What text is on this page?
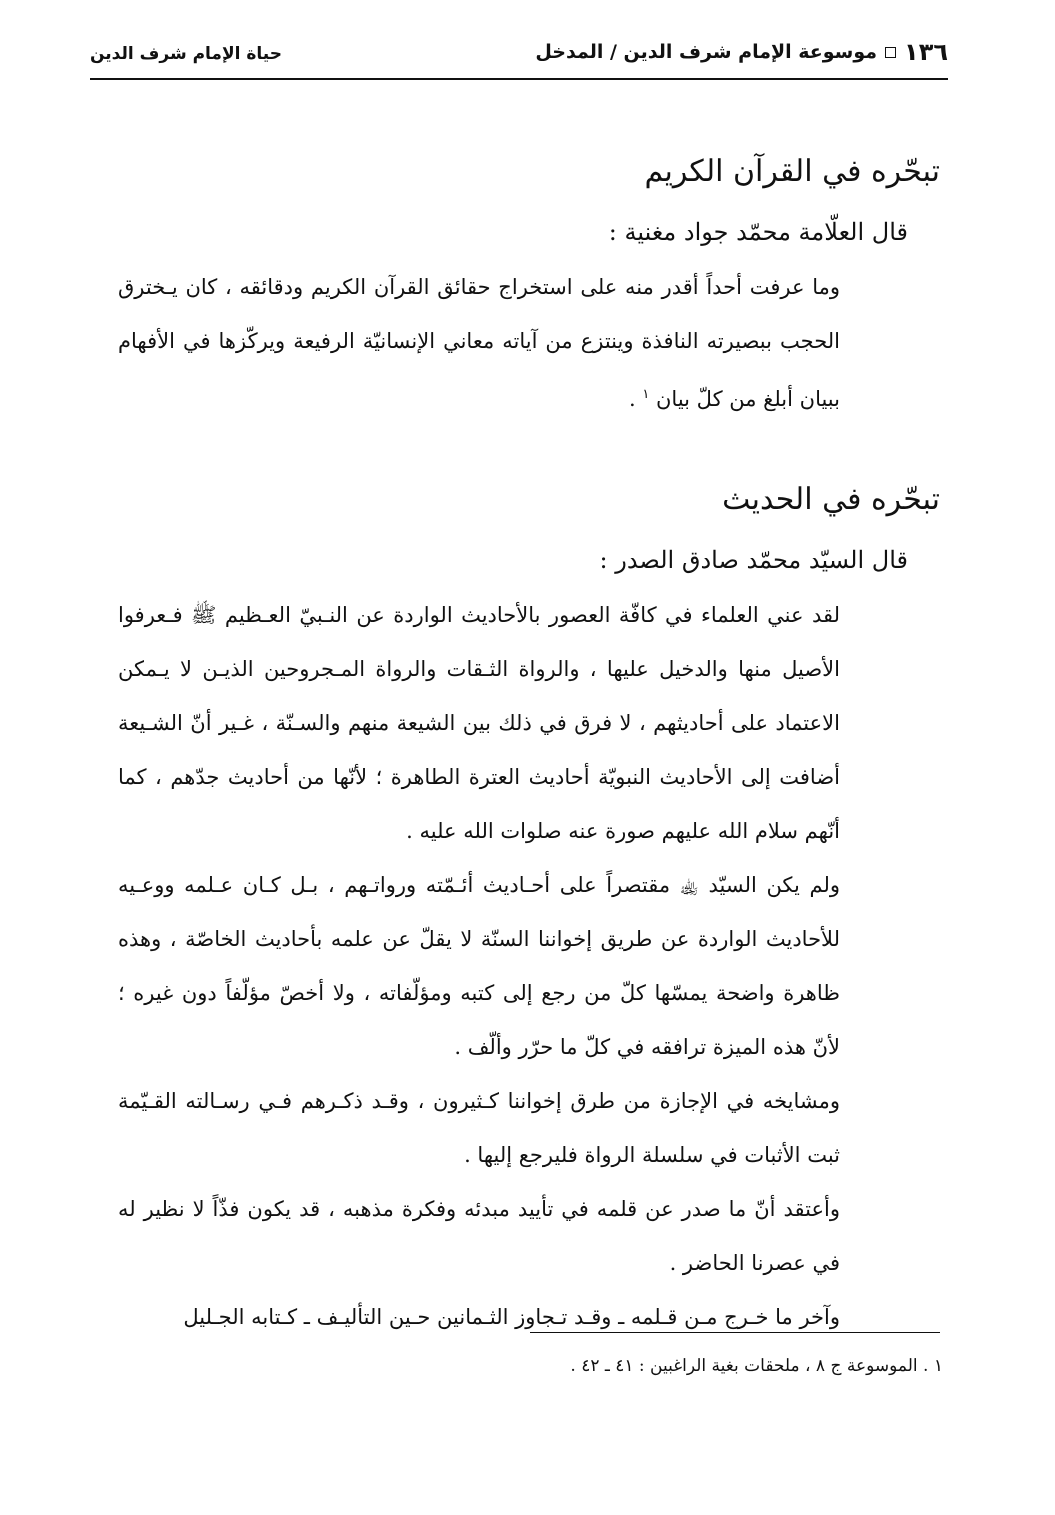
١٣٦
موسوعة الإمام شرف الدين / المدخل
حياة الإمام شرف الدين
تبحّره في القرآن الكريم
قال العلّامة محمّد جواد مغنية :

وما عرفت أحداً أقدر منه على استخراج حقائق القرآن الكريم ودقائقه ، كان يـخترق الحجب ببصيرته النافذة وينتزع من آياته معاني الإنسانيّة الرفيعة ويركّزها في الأفهام ببيان أبلغ من كلّ بيان $^١$ .

تبحّره في الحديث
قال السيّد محمّد صادق الصدر :

لقد عني العلماء في كافّة العصور بالأحاديث الواردة عن النـبيّ العـظيم ﷺ فـعرفوا الأصيل منها والدخيل عليها ، والرواة الثـقات والرواة المـجروحين الذيـن لا يـمكن الاعتماد على أحاديثهم ، لا فرق في ذلك بين الشيعة منهم والسـنّة ، غـير أنّ الشـيعة أضافت إلى الأحاديث النبويّة أحاديث العترة الطاهرة ؛ لأنّها من أحاديث جدّهم ، كما أنّهم سلام الله عليهم صورة عنه صلوات الله عليه .

ولم يكن السيّد ﵀ مقتصراً على أحـاديث أئـمّته ورواتـهم ، بـل كـان عـلمه ووعـيه للأحاديث الواردة عن طريق إخواننا السنّة لا يقلّ عن علمه بأحاديث الخاصّة ، وهذه ظاهرة واضحة يمسّها كلّ من رجع إلى كتبه ومؤلّفاته ، ولا أخصّ مؤلّفاً دون غيره ؛ لأنّ هذه الميزة ترافقه في كلّ ما حرّر وألّف .

ومشايخه في الإجازة من طرق إخواننا كـثيرون ، وقـد ذكـرهم فـي رسـالته القـيّمة ثبت الأثبات في سلسلة الرواة فليرجع إليها .

وأعتقد أنّ ما صدر عن قلمه في تأييد مبدئه وفكرة مذهبه ، قد يكون فذّاً لا نظير له في عصرنا الحاضر .

وآخر ما خـرج مـن قـلمه ـ وقـد تـجاوز الثـمانين حـين التأليـف ـ كـتابه الجـليل

١ . الموسوعة ج ٨ ، ملحقات بغية الراغبين : ٤١ ـ ٤٢ .
